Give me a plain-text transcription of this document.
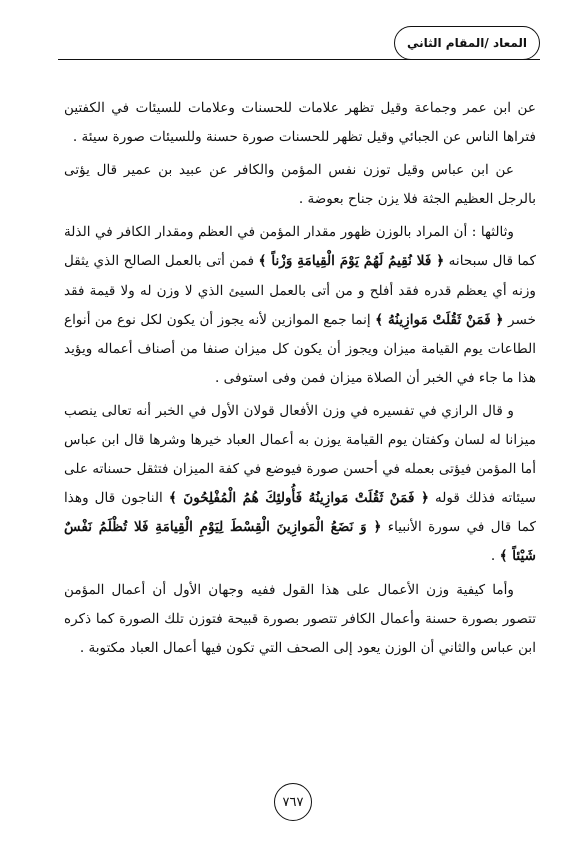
المعاد /المقام الثاني

عن ابن عمر وجماعة وقيل تظهر علامات للحسنات وعلامات للسيئات في الكفتين فتراها الناس عن الجبائي وقيل تظهر للحسنات صورة حسنة وللسيئات صورة سيئة .

عن ابن عباس وقيل توزن نفس المؤمن والكافر عن عبيد بن عمير قال يؤتى بالرجل العظيم الجثة فلا يزن جناح بعوضة .

وثالثها : أن المراد بالوزن ظهور مقدار المؤمن في العظم ومقدار الكافر في الذلة كما قال سبحانه ﴿ فَلا نُقِيمُ لَهُمْ يَوْمَ الْقِيامَةِ وَزْناً ﴾ فمن أتى بالعمل الصالح الذي يثقل وزنه أي يعظم قدره فقد أفلح و من أتى بالعمل السيئ الذي لا وزن له ولا قيمة فقد خسر ﴿ فَمَنْ ثَقُلَتْ مَوازِينُهُ ﴾ إنما جمع الموازين لأنه يجوز أن يكون لكل نوع من أنواع الطاعات يوم القيامة ميزان ويجوز أن يكون كل ميزان صنفا من أصناف أعماله ويؤيد هذا ما جاء في الخبر أن الصلاة ميزان فمن وفى استوفى .

و قال الرازي في تفسيره في وزن الأفعال قولان الأول في الخبر أنه تعالى ينصب ميزانا له لسان وكفتان يوم القيامة يوزن به أعمال العباد خيرها وشرها قال ابن عباس أما المؤمن فيؤتى بعمله في أحسن صورة فيوضع في كفة الميزان فتثقل حسناته على سيئاته فذلك قوله ﴿ فَمَنْ ثَقُلَتْ مَوازِينُهُ فَأُولئِكَ هُمُ الْمُفْلِحُونَ ﴾ الناجون قال وهذا كما قال في سورة الأنبياء ﴿ وَ نَضَعُ الْمَوازِينَ الْقِسْطَ لِيَوْمِ الْقِيامَةِ فَلا تُظْلَمُ نَفْسٌ شَيْئاً ﴾ .

وأما كيفية وزن الأعمال على هذا القول ففيه وجهان الأول أن أعمال المؤمن تتصور بصورة حسنة وأعمال الكافر تتصور بصورة قبيحة فتوزن تلك الصورة كما ذكره ابن عباس والثاني أن الوزن يعود إلى الصحف التي تكون فيها أعمال العباد مكتوبة .

٧٦٧
